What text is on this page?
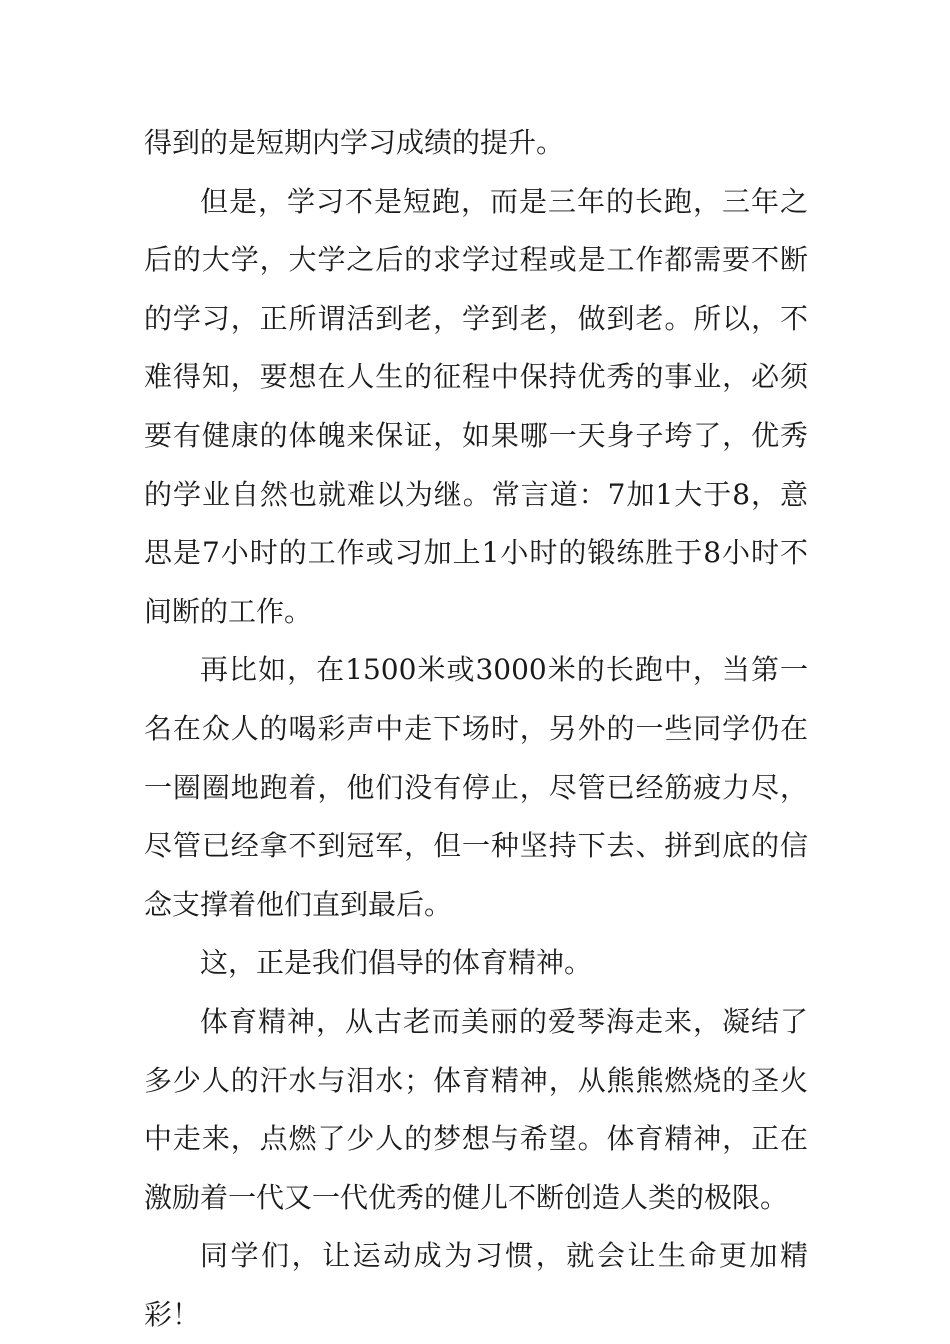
得到的是短期内学习成绩的提升。

但是，学习不是短跑，而是三年的长跑，三年之后的大学，大学之后的求学过程或是工作都需要不断的学习，正所谓活到老，学到老，做到老。所以，不难得知，要想在人生的征程中保持优秀的事业，必须要有健康的体魄来保证，如果哪一天身子垮了，优秀的学业自然也就难以为继。常言道：7加1大于8，意思是7小时的工作或习加上1小时的锻练胜于8小时不间断的工作。

再比如，在1500米或3000米的长跑中，当第一名在众人的喝彩声中走下场时，另外的一些同学仍在一圈圈地跑着，他们没有停止，尽管已经筋疲力尽，尽管已经拿不到冠军，但一种坚持下去、拼到底的信念支撑着他们直到最后。

这，正是我们倡导的体育精神。

体育精神，从古老而美丽的爱琴海走来，凝结了多少人的汗水与泪水；体育精神，从熊熊燃烧的圣火中走来，点燃了少人的梦想与希望。体育精神，正在激励着一代又一代优秀的健儿不断创造人类的极限。

同学们，让运动成为习惯，就会让生命更加精彩！
